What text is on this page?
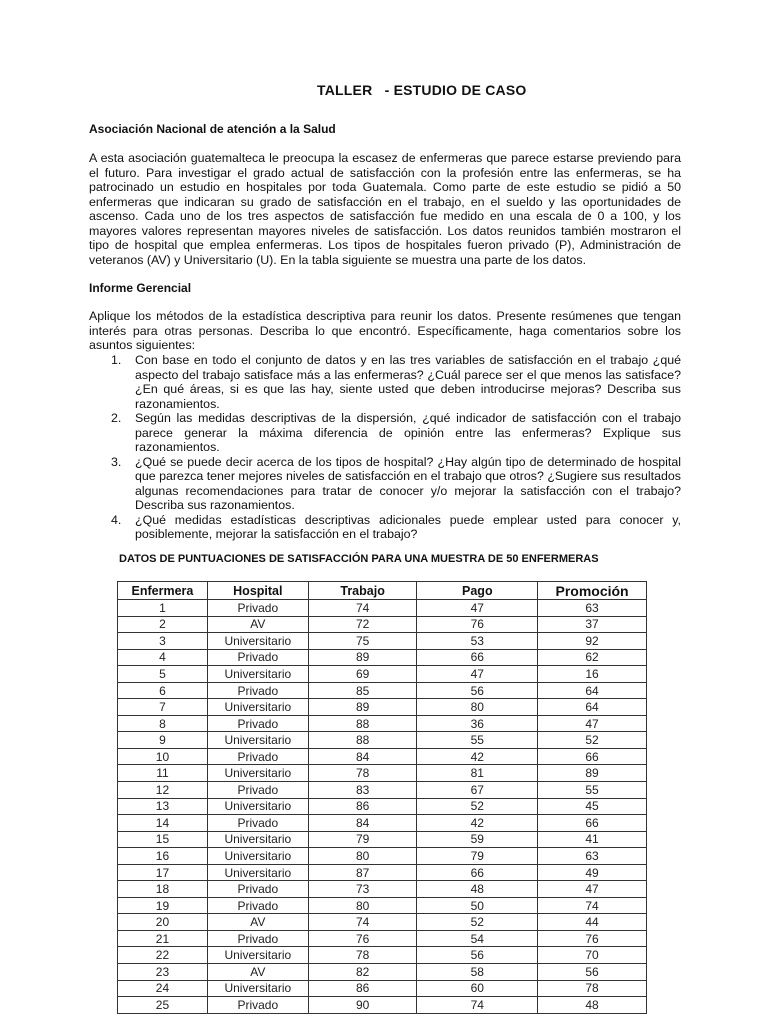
TALLER   - ESTUDIO DE CASO
Asociación Nacional de atención a la Salud
A esta asociación guatemalteca le preocupa la escasez de enfermeras que parece estarse previendo para el futuro. Para investigar el grado actual de satisfacción con la profesión entre las enfermeras, se ha patrocinado un estudio en hospitales por toda Guatemala. Como parte de este estudio se pidió a 50 enfermeras que indicaran su grado de satisfacción en el trabajo, en el sueldo y las oportunidades de ascenso. Cada uno de los tres aspectos de satisfacción fue medido en una escala de 0 a 100, y los mayores valores representan mayores niveles de satisfacción. Los datos reunidos también mostraron el tipo de hospital que emplea enfermeras. Los tipos de hospitales fueron privado (P), Administración de veteranos (AV) y Universitario (U). En la tabla siguiente se muestra una parte de los datos.
Informe Gerencial
Aplique los métodos de la estadística descriptiva para reunir los datos. Presente resúmenes que tengan interés para otras personas. Describa lo que encontró. Específicamente, haga comentarios sobre los asuntos siguientes:
1. Con base en todo el conjunto de datos y en las tres variables de satisfacción en el trabajo ¿qué aspecto del trabajo satisface más a las enfermeras? ¿Cuál parece ser el que menos las satisface? ¿En qué áreas, si es que las hay, siente usted que deben introducirse mejoras? Describa sus razonamientos.
2. Según las medidas descriptivas de la dispersión, ¿qué indicador de satisfacción con el trabajo parece generar la máxima diferencia de opinión entre las enfermeras? Explique sus razonamientos.
3. ¿Qué se puede decir acerca de los tipos de hospital? ¿Hay algún tipo de determinado de hospital que parezca tener mejores niveles de satisfacción en el trabajo que otros? ¿Sugiere sus resultados algunas recomendaciones para tratar de conocer y/o mejorar la satisfacción con el trabajo? Describa sus razonamientos.
4. ¿Qué medidas estadísticas descriptivas adicionales puede emplear usted para conocer y, posiblemente, mejorar la satisfacción en el trabajo?
DATOS DE PUNTUACIONES DE SATISFACCIÓN PARA UNA MUESTRA DE 50 ENFERMERAS
Enfermera	Hospital	Trabajo	Pago	Promoción
1	Privado	74	47	63
2	AV	72	76	37
3	Universitario	75	53	92
4	Privado	89	66	62
5	Universitario	69	47	16
6	Privado	85	56	64
7	Universitario	89	80	64
8	Privado	88	36	47
9	Universitario	88	55	52
10	Privado	84	42	66
11	Universitario	78	81	89
12	Privado	83	67	55
13	Universitario	86	52	45
14	Privado	84	42	66
15	Universitario	79	59	41
16	Universitario	80	79	63
17	Universitario	87	66	49
18	Privado	73	48	47
19	Privado	80	50	74
20	AV	74	52	44
21	Privado	76	54	76
22	Universitario	78	56	70
23	AV	82	58	56
24	Universitario	86	60	78
25	Privado	90	74	48
